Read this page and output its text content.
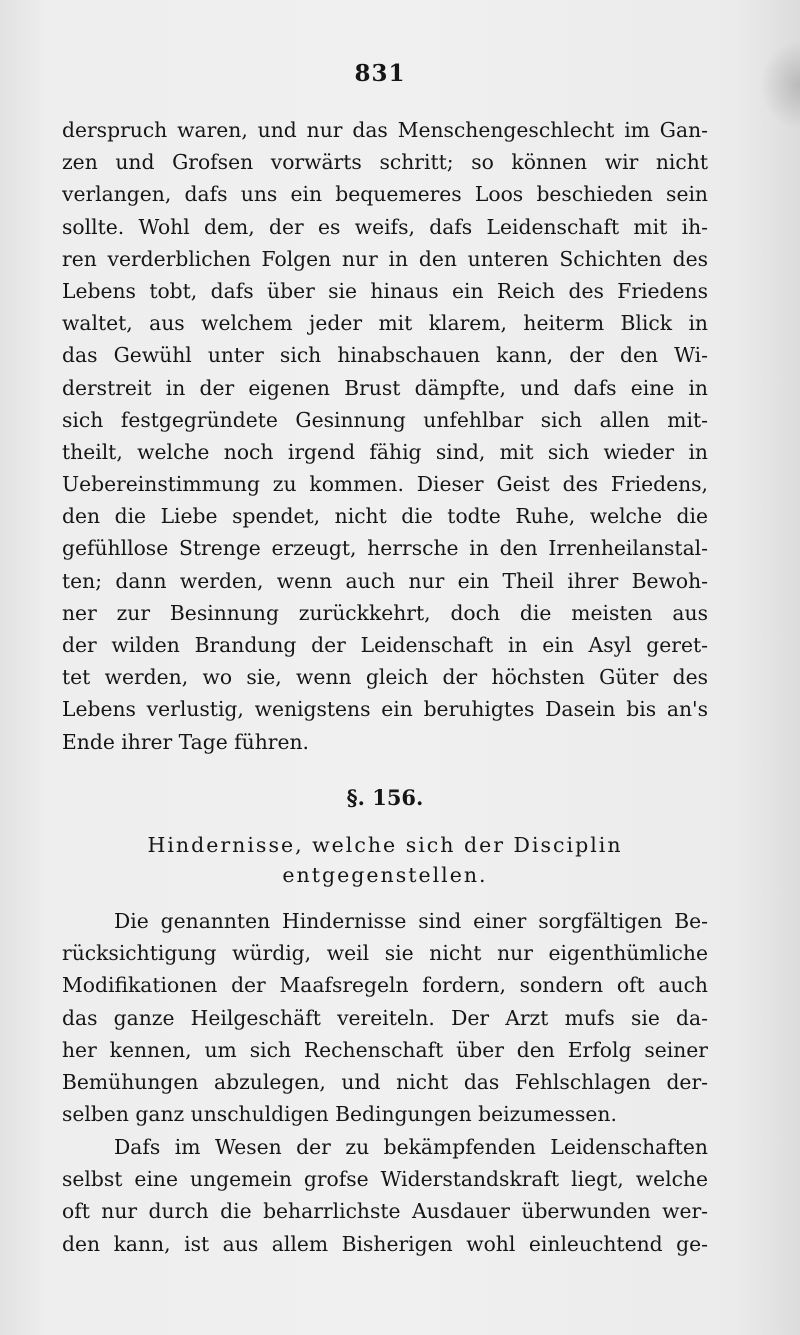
831
derspruch waren, und nur das Menschengeschlecht im Gan-
zen und Grofsen vorwärts schritt; so können wir nicht
verlangen, dafs uns ein bequemeres Loos beschieden sein
sollte. Wohl dem, der es weifs, dafs Leidenschaft mit ih-
ren verderblichen Folgen nur in den unteren Schichten des
Lebens tobt, dafs über sie hinaus ein Reich des Friedens
waltet, aus welchem jeder mit klarem, heiterm Blick in
das Gewühl unter sich hinabschauen kann, der den Wi-
derstreit in der eigenen Brust dämpfte, und dafs eine in
sich festgegründete Gesinnung unfehlbar sich allen mit-
theilt, welche noch irgend fähig sind, mit sich wieder in
Uebereinstimmung zu kommen. Dieser Geist des Friedens,
den die Liebe spendet, nicht die todte Ruhe, welche die
gefühllose Strenge erzeugt, herrsche in den Irrenheilanstal-
ten; dann werden, wenn auch nur ein Theil ihrer Bewoh-
ner zur Besinnung zurückkehrt, doch die meisten aus
der wilden Brandung der Leidenschaft in ein Asyl geret-
tet werden, wo sie, wenn gleich der höchsten Güter des
Lebens verlustig, wenigstens ein beruhigtes Dasein bis an's
Ende ihrer Tage führen.
§. 156.
Hindernisse, welche sich der Disciplin
entgegenstellen.
Die genannten Hindernisse sind einer sorgfältigen Be-
rücksichtigung würdig, weil sie nicht nur eigenthümliche
Modifikationen der Maafsregeln fordern, sondern oft auch
das ganze Heilgeschäft vereiteln. Der Arzt mufs sie da-
her kennen, um sich Rechenschaft über den Erfolg seiner
Bemühungen abzulegen, und nicht das Fehlschlagen der-
selben ganz unschuldigen Bedingungen beizumessen.
Dafs im Wesen der zu bekämpfenden Leidenschaften
selbst eine ungemein grofse Widerstandskraft liegt, welche
oft nur durch die beharrlichste Ausdauer überwunden wer-
den kann, ist aus allem Bisherigen wohl einleuchtend ge-
